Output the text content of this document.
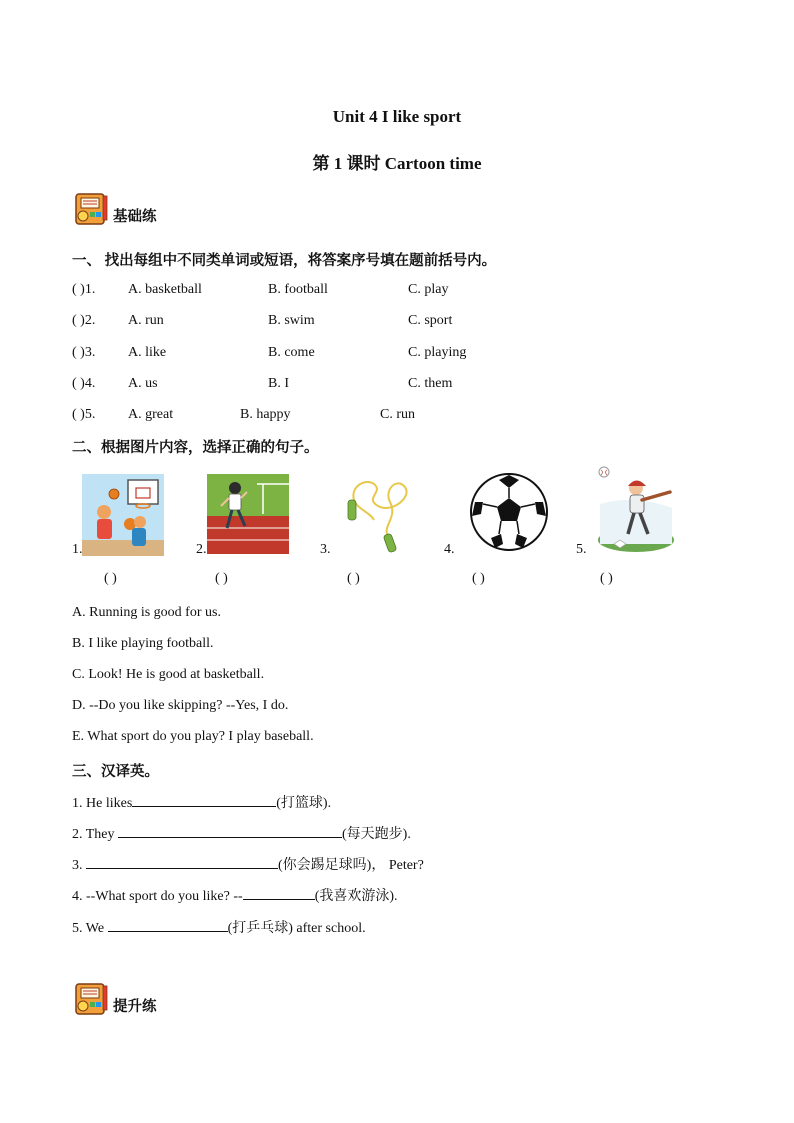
Unit 4 I like sport
第 1 课时 Cartoon time
基础练
一、 找出每组中不同类单词或短语，将答案序号填在题前括号内。
( )1. A. basketball	B. football	C. play
( )2. A. run	B. swim	C. sport
( )3. A. like	B. come	C. playing
( )4. A. us	B. I	C. them
( )5. A. great	B. happy	C. run
二、根据图片内容，选择正确的句子。
1.
( )
2.
( )
3.
( )
4.
( )
5.
( )
A. Running is good for us.
B. I like playing football.
C. Look! He is good at basketball.
D. --Do you like skipping? --Yes, I do.
E. What sport do you play? I play baseball.
三、汉译英。
1. He likes	(打篮球).
2. They	(每天跑步).
3.	(你会踢足球吗)， Peter?
4. --What sport do you like? --	(我喜欢游泳).
5. We	(打乒乓球) after school.
提升练
